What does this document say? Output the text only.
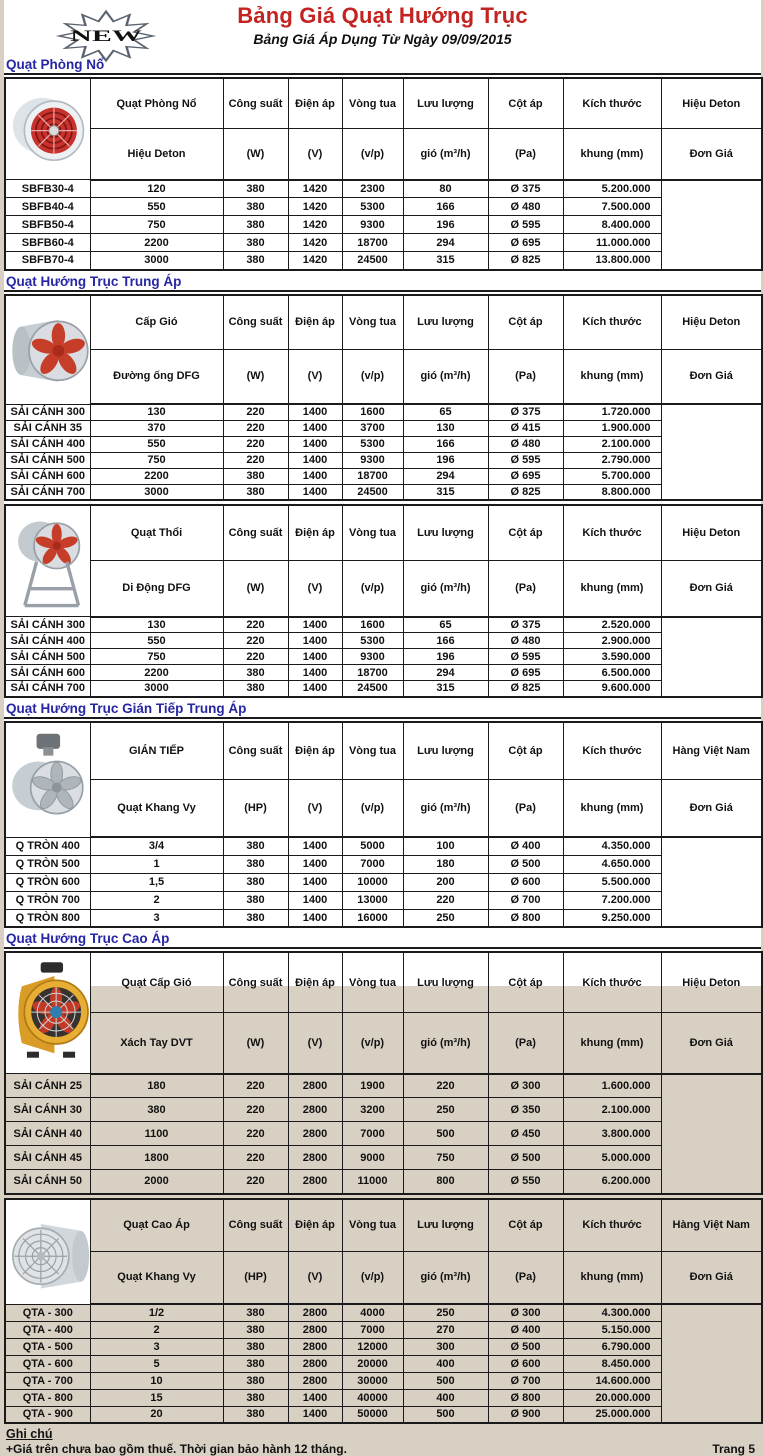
NEW
Bảng Giá Quạt Hướng Trục
Bảng Giá Áp Dụng Từ Ngày 09/09/2015
Quạt Phòng Nổ
	Quạt Phòng Nổ	Công suất	Điện áp	Vòng tua	Lưu lượng	Cột áp	Kích thước	Hiệu Deton
	Hiệu Deton	(W)	(V)	(v/p)	gió (m³/h)	(Pa)	khung (mm)	Đơn Giá
SBFB30-4	120	380	1420	2300	80	Ø 375	5.200.000	
SBFB40-4	550	380	1420	5300	166	Ø 480	7.500.000	
SBFB50-4	750	380	1420	9300	196	Ø 595	8.400.000	
SBFB60-4	2200	380	1420	18700	294	Ø 695	11.000.000	
SBFB70-4	3000	380	1420	24500	315	Ø 825	13.800.000	
Quạt Hướng Trục Trung Áp
	Cấp Gió	Công suất	Điện áp	Vòng tua	Lưu lượng	Cột áp	Kích thước	Hiệu Deton
	Đường ống DFG	(W)	(V)	(v/p)	gió (m³/h)	(Pa)	khung (mm)	Đơn Giá
SẢI CÁNH 300	130	220	1400	1600	65	Ø 375	1.720.000	
SẢI CÁNH 35	370	220	1400	3700	130	Ø 415	1.900.000	
SẢI CÁNH 400	550	220	1400	5300	166	Ø 480	2.100.000	
SẢI CÁNH 500	750	220	1400	9300	196	Ø 595	2.790.000	
SẢI CÁNH 600	2200	380	1400	18700	294	Ø 695	5.700.000	
SẢI CÁNH 700	3000	380	1400	24500	315	Ø 825	8.800.000	
	Quạt Thổi	Công suất	Điện áp	Vòng tua	Lưu lượng	Cột áp	Kích thước	Hiệu Deton
	Di Động DFG	(W)	(V)	(v/p)	gió (m³/h)	(Pa)	khung (mm)	Đơn Giá
SẢI CÁNH 300	130	220	1400	1600	65	Ø 375	2.520.000	
SẢI CÁNH 400	550	220	1400	5300	166	Ø 480	2.900.000	
SẢI CÁNH 500	750	220	1400	9300	196	Ø 595	3.590.000	
SẢI CÁNH 600	2200	380	1400	18700	294	Ø 695	6.500.000	
SẢI CÁNH 700	3000	380	1400	24500	315	Ø 825	9.600.000	
Quạt Hướng Trục Gián Tiếp Trung Áp
	GIÁN TIẾP	Công suất	Điện áp	Vòng tua	Lưu lượng	Cột áp	Kích thước	Hàng Việt Nam
	Quạt Khang Vy	(HP)	(V)	(v/p)	gió (m³/h)	(Pa)	khung (mm)	Đơn Giá
Q TRÒN 400	3/4	380	1400	5000	100	Ø 400	4.350.000	
Q TRÒN 500	1	380	1400	7000	180	Ø 500	4.650.000	
Q TRÒN 600	1,5	380	1400	10000	200	Ø 600	5.500.000	
Q TRÒN 700	2	380	1400	13000	220	Ø 700	7.200.000	
Q TRÒN 800	3	380	1400	16000	250	Ø 800	9.250.000	
Quạt Hướng Trục Cao Áp
	Quạt Cấp Gió	Công suất	Điện áp	Vòng tua	Lưu lượng	Cột áp	Kích thước	Hiệu Deton
	Xách Tay DVT	(W)	(V)	(v/p)	gió (m³/h)	(Pa)	khung (mm)	Đơn Giá
SẢI CÁNH 25	180	220	2800	1900	220	Ø 300	1.600.000	
SẢI CÁNH 30	380	220	2800	3200	250	Ø 350	2.100.000	
SẢI CÁNH 40	1100	220	2800	7000	500	Ø 450	3.800.000	
SẢI CÁNH 45	1800	220	2800	9000	750	Ø 500	5.000.000	
SẢI CÁNH 50	2000	220	2800	11000	800	Ø 550	6.200.000	
	Quạt Cao Áp	Công suất	Điện áp	Vòng tua	Lưu lượng	Cột áp	Kích thước	Hàng Việt Nam
	Quạt Khang Vy	(HP)	(V)	(v/p)	gió (m³/h)	(Pa)	khung (mm)	Đơn Giá
QTA - 300	1/2	380	2800	4000	250	Ø 300	4.300.000	
QTA - 400	2	380	2800	7000	270	Ø 400	5.150.000	
QTA - 500	3	380	2800	12000	300	Ø 500	6.790.000	
QTA - 600	5	380	2800	20000	400	Ø 600	8.450.000	
QTA - 700	10	380	2800	30000	500	Ø 700	14.600.000	
QTA - 800	15	380	1400	40000	400	Ø 800	20.000.000	
QTA - 900	20	380	1400	50000	500	Ø 900	25.000.000	
Ghi chú
+Giá trên chưa bao gồm thuế. Thời gian bảo hành 12 tháng.	Trang 5
